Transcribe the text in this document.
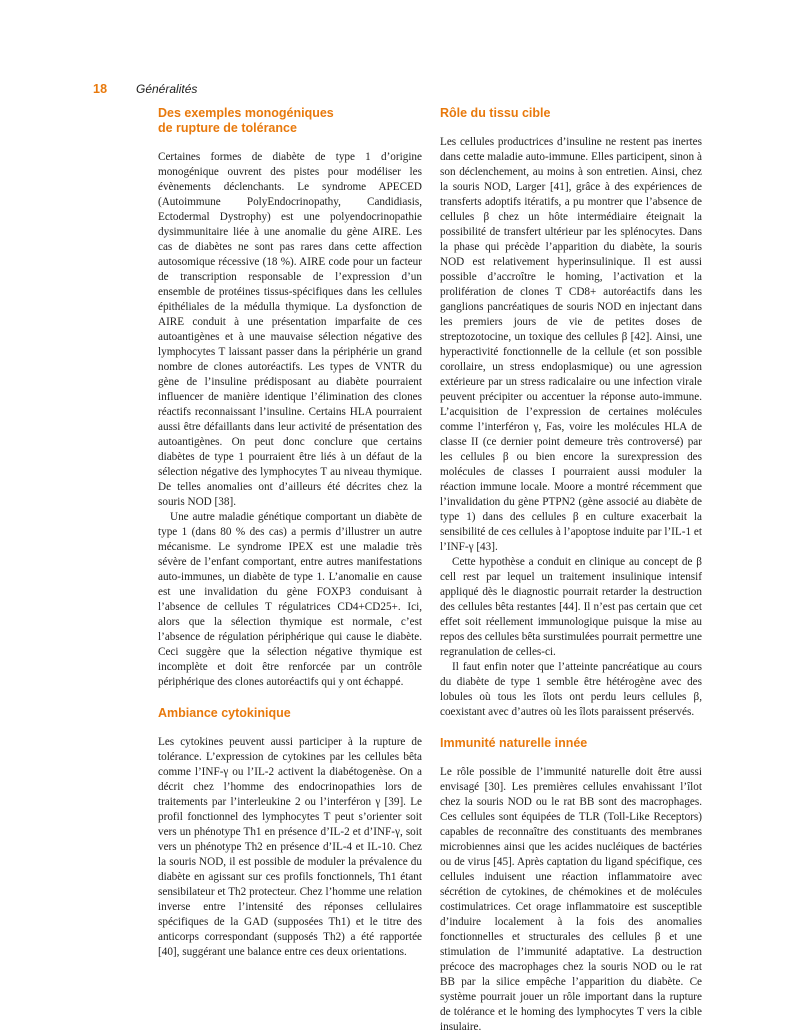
18 Généralités
Des exemples monogéniques
de rupture de tolérance

Certaines formes de diabète de type 1 d’origine monogénique ouvrent des pistes pour modéliser les évènements déclenchants. Le syndrome APECED (Autoimmune PolyEndocrinopathy, Candidiasis, Ectodermal Dystrophy) est une polyendocrinopathie dysimmunitaire liée à une anomalie du gène AIRE. Les cas de diabètes ne sont pas rares dans cette affection autosomique récessive (18 %). AIRE code pour un facteur de transcription responsable de l’expression d’un ensemble de protéines tissus-spécifiques dans les cellules épithéliales de la médulla thymique. La dysfonction de AIRE conduit à une présentation imparfaite de ces autoantigènes et à une mauvaise sélection négative des lymphocytes T laissant passer dans la périphérie un grand nombre de clones autoréactifs. Les types de VNTR du gène de l’insuline prédisposant au diabète pourraient influencer de manière identique l’élimination des clones réactifs reconnaissant l’insuline. Certains HLA pourraient aussi être défaillants dans leur activité de présentation des autoantigènes. On peut donc conclure que certains diabètes de type 1 pourraient être liés à un défaut de la sélection négative des lymphocytes T au niveau thymique. De telles anomalies ont d’ailleurs été décrites chez la souris NOD [38].

Une autre maladie génétique comportant un diabète de type 1 (dans 80 % des cas) a permis d’illustrer un autre mécanisme. Le syndrome IPEX est une maladie très sévère de l’enfant comportant, entre autres manifestations auto-immunes, un diabète de type 1. L’anomalie en cause est une invalidation du gène FOXP3 conduisant à l’absence de cellules T régulatrices CD4+CD25+. Ici, alors que la sélection thymique est normale, c’est l’absence de régulation périphérique qui cause le diabète. Ceci suggère que la sélection négative thymique est incomplète et doit être renforcée par un contrôle périphérique des clones autoréactifs qui y ont échappé.

Ambiance cytokinique

Les cytokines peuvent aussi participer à la rupture de tolérance. L’expression de cytokines par les cellules bêta comme l’INF-γ ou l’IL-2 activent la diabétogenèse. On a décrit chez l’homme des endocrinopathies lors de traitements par l’interleukine 2 ou l’interféron γ [39]. Le profil fonctionnel des lymphocytes T peut s’orienter soit vers un phénotype Th1 en présence d’IL-2 et d’INF-γ, soit vers un phénotype Th2 en présence d’IL-4 et IL-10. Chez la souris NOD, il est possible de moduler la prévalence du diabète en agissant sur ces profils fonctionnels, Th1 étant sensibilateur et Th2 protecteur. Chez l’homme une relation inverse entre l’intensité des réponses cellulaires spécifiques de la GAD (supposées Th1) et le titre des anticorps correspondant (supposés Th2) a été rapportée [40], suggérant une balance entre ces deux orientations.

Rôle du tissu cible

Les cellules productrices d’insuline ne restent pas inertes dans cette maladie auto-immune. Elles participent, sinon à son déclenchement, au moins à son entretien. Ainsi, chez la souris NOD, Larger [41], grâce à des expériences de transferts adoptifs itératifs, a pu montrer que l’absence de cellules β chez un hôte intermédiaire éteignait la possibilité de transfert ultérieur par les splénocytes. Dans la phase qui précède l’apparition du diabète, la souris NOD est relativement hyperinsulinique. Il est aussi possible d’accroître le homing, l’activation et la prolifération de clones T CD8+ autoréactifs dans les ganglions pancréatiques de souris NOD en injectant dans les premiers jours de vie de petites doses de streptozotocine, un toxique des cellules β [42]. Ainsi, une hyperactivité fonctionnelle de la cellule (et son possible corollaire, un stress endoplasmique) ou une agression extérieure par un stress radicalaire ou une infection virale peuvent précipiter ou accentuer la réponse auto-immune. L’acquisition de l’expression de certaines molécules comme l’interféron γ, Fas, voire les molécules HLA de classe II (ce dernier point demeure très controversé) par les cellules β ou bien encore la surexpression des molécules de classes I pourraient aussi moduler la réaction immune locale. Moore a montré récemment que l’invalidation du gène PTPN2 (gène associé au diabète de type 1) dans des cellules β en culture exacerbait la sensibilité de ces cellules à l’apoptose induite par l’IL-1 et l’INF-γ [43].

Cette hypothèse a conduit en clinique au concept de β cell rest par lequel un traitement insulinique intensif appliqué dès le diagnostic pourrait retarder la destruction des cellules bêta restantes [44]. Il n’est pas certain que cet effet soit réellement immunologique puisque la mise au repos des cellules bêta surstimulées pourrait permettre une regranulation de celles-ci.

Il faut enfin noter que l’atteinte pancréatique au cours du diabète de type 1 semble être hétérogène avec des lobules où tous les îlots ont perdu leurs cellules β, coexistant avec d’autres où les îlots paraissent préservés.

Immunité naturelle innée

Le rôle possible de l’immunité naturelle doit être aussi envisagé [30]. Les premières cellules envahissant l’îlot chez la souris NOD ou le rat BB sont des macrophages. Ces cellules sont équipées de TLR (Toll-Like Receptors) capables de reconnaître des constituants des membranes microbiennes ainsi que les acides nucléiques de bactéries ou de virus [45]. Après captation du ligand spécifique, ces cellules induisent une réaction inflammatoire avec sécrétion de cytokines, de chémokines et de molécules costimulatrices. Cet orage inflammatoire est susceptible d’induire localement à la fois des anomalies fonctionnelles et structurales des cellules β et une stimulation de l’immunité adaptative. La destruction précoce des macrophages chez la souris NOD ou le rat BB par la silice empêche l’apparition du diabète. Ce système pourrait jouer un rôle important dans la rupture de tolérance et le homing des lymphocytes T vers la cible insulaire.
